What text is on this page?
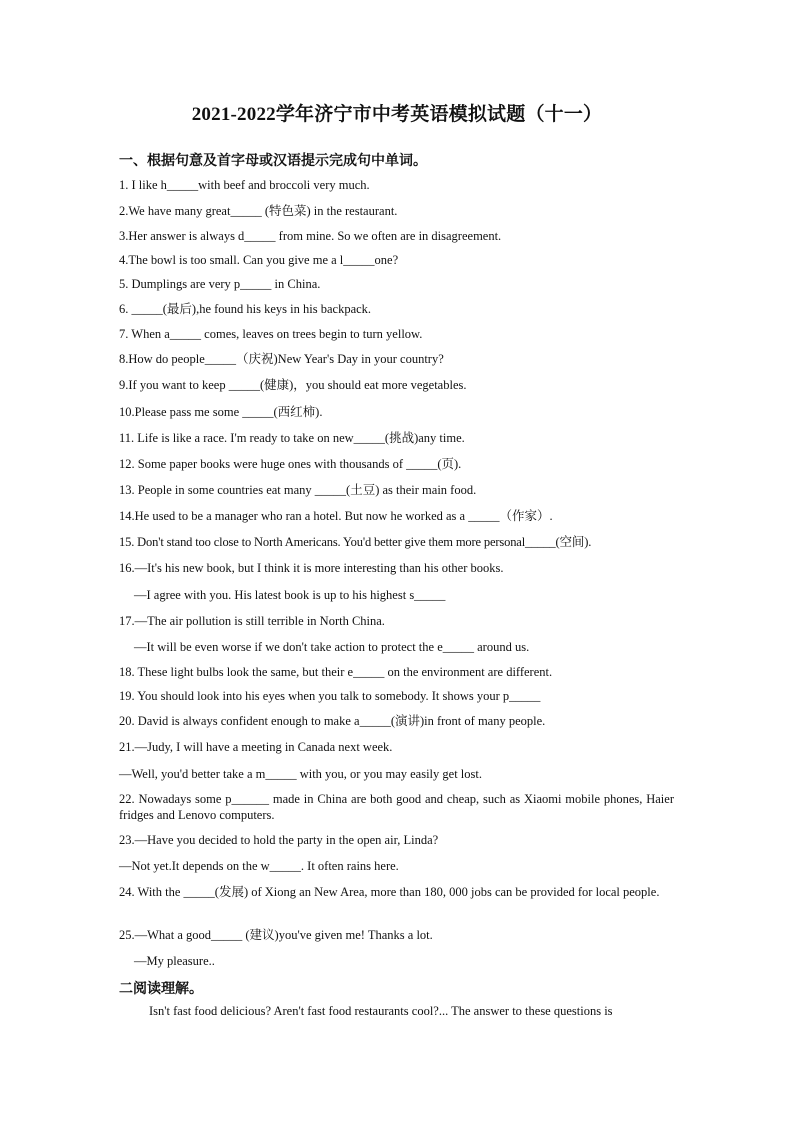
2021-2022学年济宁市中考英语模拟试题（十一）
一、根据句意及首字母或汉语提示完成句中单词。
1. I like h_____with beef and broccoli very much.
2.We have many great_____ (特色菜) in the restaurant.
3.Her answer is always d_____ from mine. So we often are in disagreement.
4.The bowl is too small. Can you give me a l_____one?
5. Dumplings are very p_____ in China.
6. _____(最后),he found his keys in his backpack.
7. When a_____ comes, leaves on trees begin to turn yellow.
8.How do people_____（庆祝)New Year's Day in your country?
9.If you want to keep _____(健康)，you should eat more vegetables.
10.Please pass me some _____(西红柿).
11. Life is like a race. I'm ready to take on new_____(挑战)any time.
12. Some paper books were huge ones with thousands of _____(页).
13. People in some countries eat many _____(土豆) as their main food.
14.He used to be a manager who ran a hotel. But now he worked as a _____（作家）.
15. Don't stand too close to North Americans. You'd better give them more personal_____(空间).
16.—It's his new book, but I think it is more interesting than his other books.
—I agree with you. His latest book is up to his highest s_____
17.—The air pollution is still terrible in North China.
—It will be even worse if we don't take action to protect the e_____ around us.
18. These light bulbs look the same, but their e_____ on the environment are different.
19. You should look into his eyes when you talk to somebody. It shows your p_____
20. David is always confident enough to make a_____(演讲)in front of many people.
21.—Judy, I will have a meeting in Canada next week.
—Well, you'd better take a m_____ with you, or you may easily get lost.
22. Nowadays some p______ made in China are both good and cheap, such as Xiaomi mobile phones, Haier fridges and Lenovo computers.
23.—Have you decided to hold the party in the open air, Linda?
—Not yet.It depends on the w_____. It often rains here.
24. With the _____(发展) of Xiong an New Area, more than 180, 000 jobs can be provided for local people.
25.—What a good_____ (建议)you've given me! Thanks a lot.
—My pleasure..
二阅读理解。
Isn't fast food delicious? Aren't fast food restaurants cool?... The answer to these questions is
